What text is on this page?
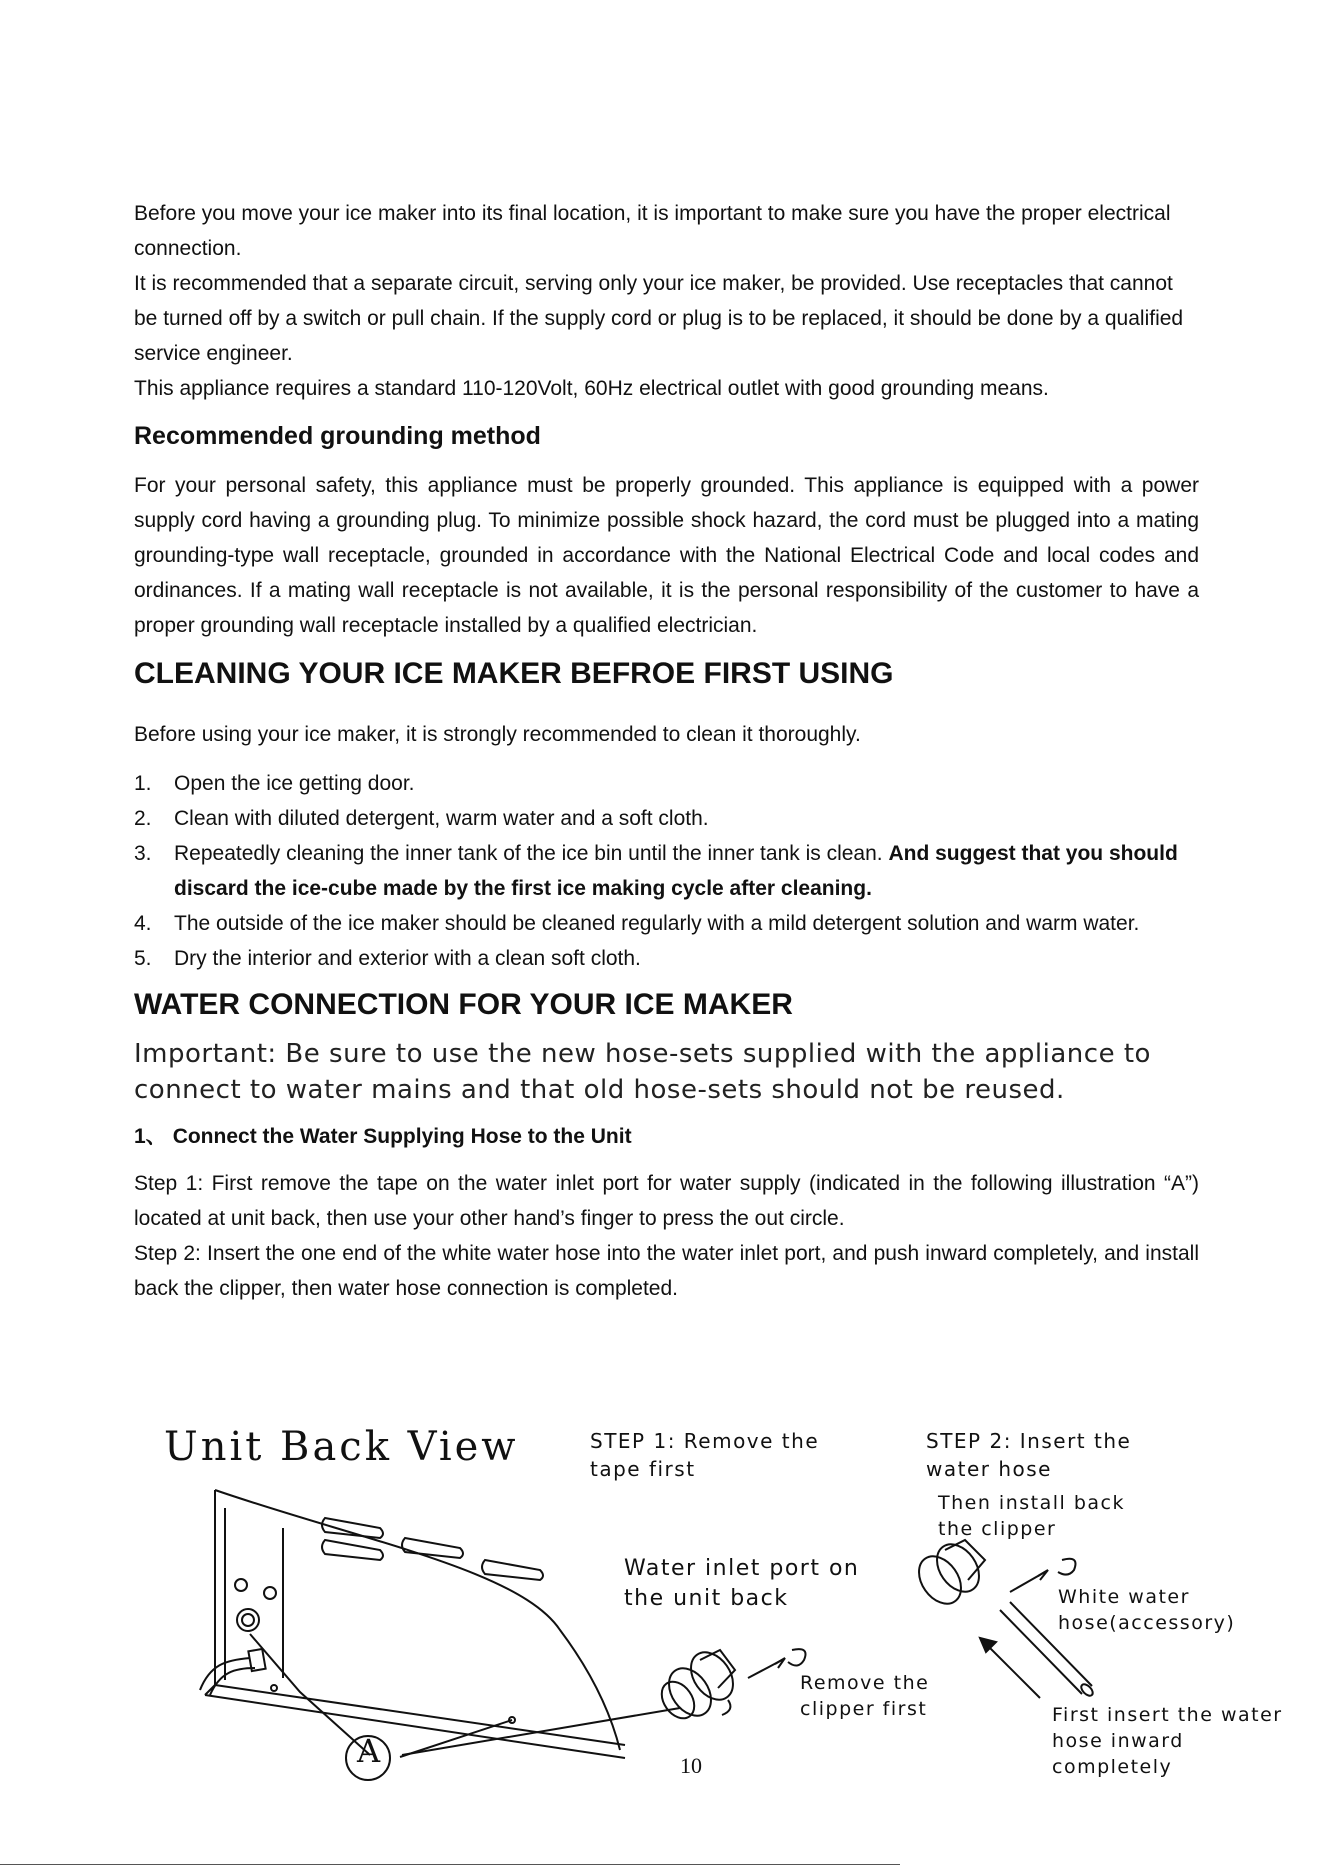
Before you move your ice maker into its final location, it is important to make sure you have the proper electrical connection.

It is recommended that a separate circuit, serving only your ice maker, be provided. Use receptacles that cannot be turned off by a switch or pull chain. If the supply cord or plug is to be replaced, it should be done by a qualified service engineer.

This appliance requires a standard 110-120Volt, 60Hz electrical outlet with good grounding means.

Recommended grounding method

For your personal safety, this appliance must be properly grounded. This appliance is equipped with a power supply cord having a grounding plug. To minimize possible shock hazard, the cord must be plugged into a mating grounding-type wall receptacle, grounded in accordance with the National Electrical Code and local codes and ordinances. If a mating wall receptacle is not available, it is the personal responsibility of the customer to have a proper grounding wall receptacle installed by a qualified electrician.

CLEANING YOUR ICE MAKER BEFROE FIRST USING

Before using your ice maker, it is strongly recommended to clean it thoroughly.

1.	Open the ice getting door.
2.	Clean with diluted detergent, warm water and a soft cloth.
3.	Repeatedly cleaning the inner tank of the ice bin until the inner tank is clean. And suggest that you should discard the ice-cube made by the first ice making cycle after cleaning.
4.	The outside of the ice maker should be cleaned regularly with a mild detergent solution and warm water.
5.	Dry the interior and exterior with a clean soft cloth.
WATER CONNECTION FOR YOUR ICE MAKER

Important: Be sure to use the new hose-sets supplied with the appliance to connect to water mains and that old hose-sets should not be reused.

1、 Connect the Water Supplying Hose to the Unit

Step 1: First remove the tape on the water inlet port for water supply (indicated in the following illustration “A”) located at unit back, then use your other hand’s finger to press the out circle.

Step 2: Insert the one end of the white water hose into the water inlet port, and push inward completely, and install back the clipper, then water hose connection is completed.

Unit Back View	STEP 1: Remove the
tape first
STEP 2: Insert the
water hose
Then install back
the clipper
Water inlet port on
the unit back	White water
hose(accessory)
Remove the
clipper first	First insert the water
hose inward
completely
A	10
